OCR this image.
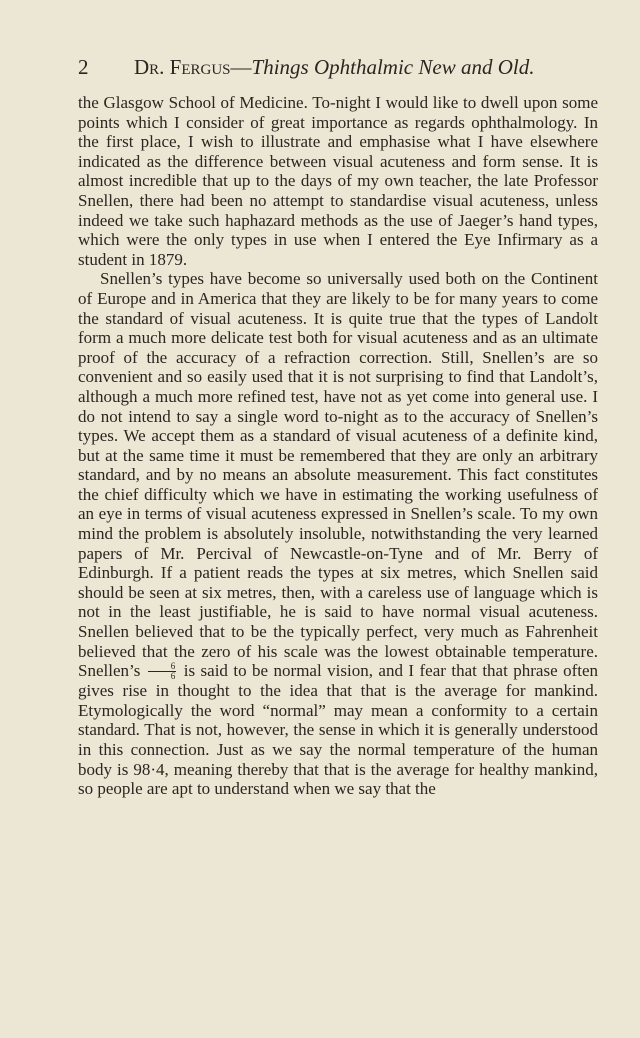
2 Dr. Fergus—Things Ophthalmic New and Old.

the Glasgow School of Medicine. To-night I would like to dwell upon some points which I consider of great importance as regards ophthalmology. In the first place, I wish to illustrate and emphasise what I have elsewhere indicated as the difference between visual acuteness and form sense. It is almost incredible that up to the days of my own teacher, the late Professor Snellen, there had been no attempt to standardise visual acuteness, unless indeed we take such haphazard methods as the use of Jaeger’s hand types, which were the only types in use when I entered the Eye Infirmary as a student in 1879.

Snellen’s types have become so universally used both on the Continent of Europe and in America that they are likely to be for many years to come the standard of visual acuteness. It is quite true that the types of Landolt form a much more delicate test both for visual acuteness and as an ultimate proof of the accuracy of a refraction correction. Still, Snellen’s are so convenient and so easily used that it is not surprising to find that Landolt’s, although a much more refined test, have not as yet come into general use. I do not intend to say a single word to-night as to the accuracy of Snellen’s types. We accept them as a standard of visual acuteness of a definite kind, but at the same time it must be remembered that they are only an arbitrary standard, and by no means an absolute measurement. This fact constitutes the chief difficulty which we have in estimating the working usefulness of an eye in terms of visual acuteness expressed in Snellen’s scale. To my own mind the problem is absolutely insoluble, notwithstanding the very learned papers of Mr. Percival of Newcastle-on-Tyne and of Mr. Berry of Edinburgh. If a patient reads the types at six metres, which Snellen said should be seen at six metres, then, with a careless use of language which is not in the least justifiable, he is said to have normal visual acuteness. Snellen believed that to be the typically perfect, very much as Fahrenheit believed that the zero of his scale was the lowest obtainable temperature. Snellen’s $\frac{6}{6}$ is said to be normal vision, and I fear that that phrase often gives rise in thought to the idea that that is the average for mankind. Etymologically the word “normal” may mean a conformity to a certain standard. That is not, however, the sense in which it is generally understood in this connection. Just as we say the normal temperature of the human body is 98·4, meaning thereby that that is the average for healthy mankind, so people are apt to understand when we say that the
